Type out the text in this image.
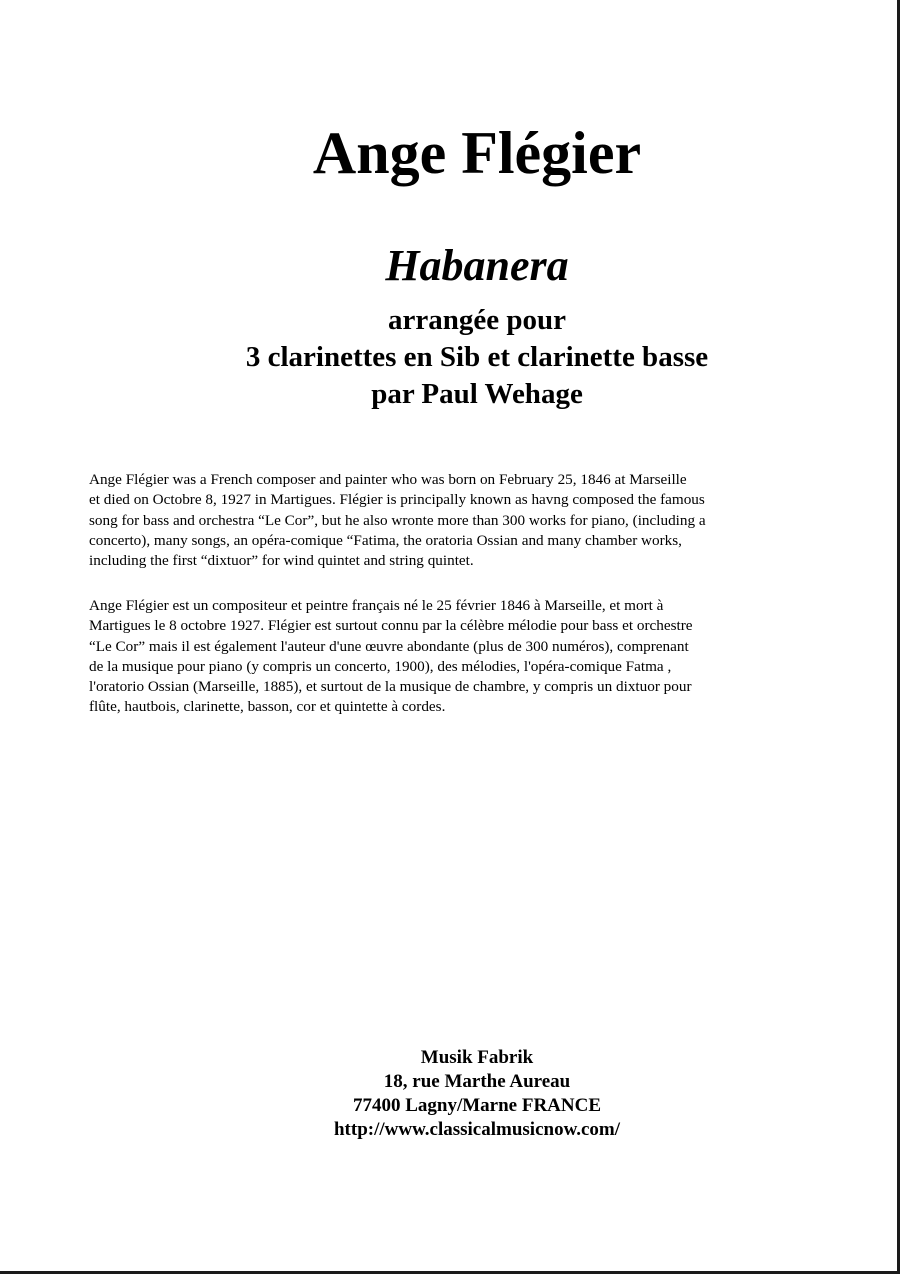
Ange Flégier
Habanera
arrangée pour
3 clarinettes en Sib et clarinette basse
par Paul Wehage

Ange Flégier was a French composer and painter who was born on February 25, 1846 at Marseille
et died on Octobre 8, 1927 in Martigues. Flégier is principally known as havng composed the famous
song for bass and orchestra “Le Cor”, but he also wronte more than 300 works for piano, (including a
concerto), many songs, an opéra-comique “Fatima, the oratoria Ossian and many chamber works,
including the first “dixtuor” for wind quintet and string quintet.

Ange Flégier est un compositeur et peintre français né le 25 février 1846 à Marseille, et mort à
Martigues le 8 octobre 1927. Flégier est surtout connu par la célèbre mélodie pour bass et orchestre
“Le Cor” mais il est également l'auteur d'une œuvre abondante (plus de 300 numéros), comprenant
de la musique pour piano (y compris un concerto, 1900), des mélodies, l'opéra-comique Fatma ,
l'oratorio Ossian (Marseille, 1885), et surtout de la musique de chambre, y compris un dixtuor pour
flûte, hautbois, clarinette, basson, cor et quintette à cordes.

Musik Fabrik
18, rue Marthe Aureau
77400 Lagny/Marne FRANCE
http://www.classicalmusicnow.com/
